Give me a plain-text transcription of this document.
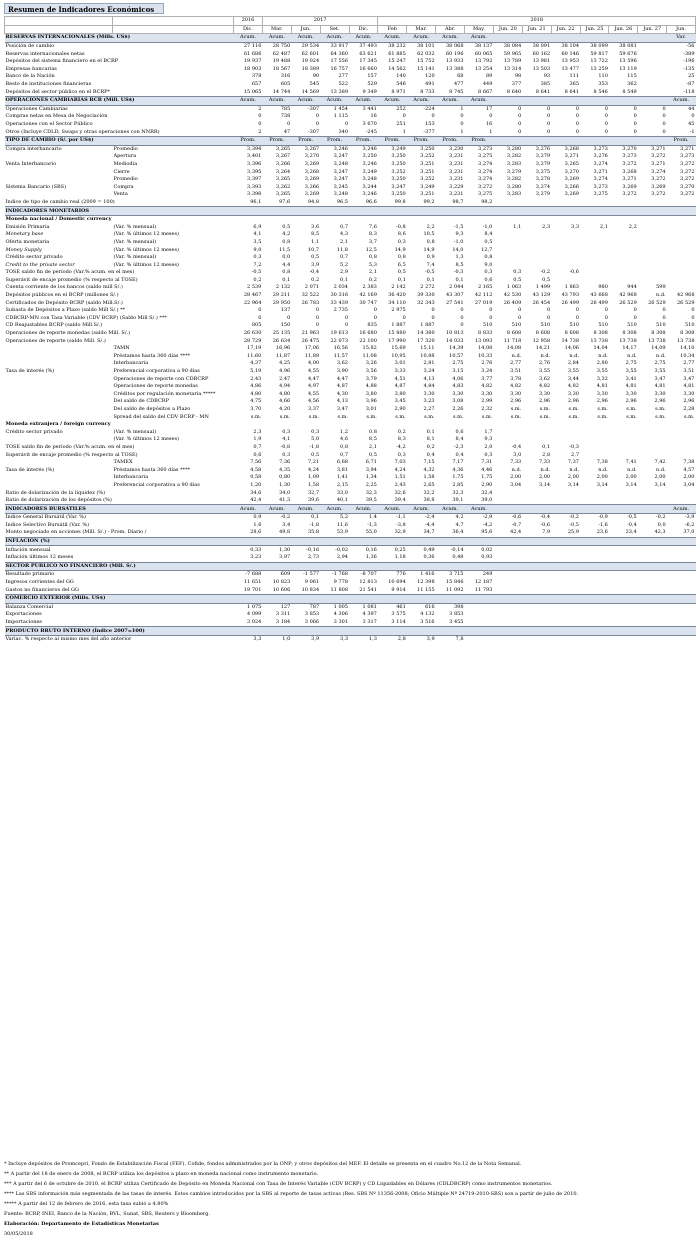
Resumen de Indicadores Económicos
		2016	2017				2018										
		Dic.	Mar.	Jun.	Set.	Dic.	Feb	Mar.	Abr.	May.	Jun. 20	Jun. 21	Jun. 22	Jun. 25	Jun. 26	Jun. 27	Jun.
RESERVAS INTERNACIONALES (Mills. US$)		Acum.	Acum.	Acum.	Acum.	Acum.	Acum.	Acum.	Acum.	Acum.							Var.
Posición de cambio		27 116	28 750	29 534	33 917	37 493	38 232	38 101	38 068	38 137	38 084	38 091	38 104	38 099	38 081		-56
Reservas internacionales netas		61 686	62 487	62 601	64 360	63 621	61 885	62 032	60 196	60 065	59 965	60 162	60 146	59 817	59 676		-389
Depósitos del sistema financiero en el BCRP		19 937	19 488	19 024	17 556	17 345	15 247	15 752	13 933	13 792	13 789	13 981	13 953	13 722	13 596		-196
Empresas bancarias		18 903	18 567	18 389	16 757	16 660	14 562	15 141	13 388	13 254	13 314	13 503	13 477	13 259	13 119		-135
Banco de la Nación		378	316	90	277	157	140	120	68	89	98	93	111	110	115		25
Resto de instituciones financieras		657	605	545	522	529	546	491	477	449	377	385	365	353	362		-87
Depósitos del sector público en el BCRP*		15 065	14 744	14 569	13 389	9 349	8 971	8 733	8 745	8 667	8 640	8 641	8 641	8 546	8 549		-118
OPERACIONES CAMBIARIAS BCR (Mill. US$)		Acum.	Acum.	Acum.	Acum.	Acum.	Acum.	Acum.	Acum.	Acum.							Acum.
Operaciones Cambiarias		2	785	-307	1 454	3 441	252	-224	1	17	0	0	0	0	0	0	44
Compras netas en Mesa de Negociación		0	738	0	1 115	16	0	0	0	0	0	0	0	0	0	0	0
Operaciones con el Sector Público		0	0	0	0	3 670	251	153	0	16	0	0	0	0	0	0	45
Otros (Incluye CDLD, Swaps y otras operaciones con NNRR)		2	47	-307	340	-245	1	-377	1	1	0	0	0	0	0	0	-1
TIPO DE CAMBIO (S/. por US$)		Prom.	Prom.	Prom.	Prom.	Prom.	Prom.	Prom.	Prom.	Prom.							Prom.
Compra interbancario	Promedio	3,394	3,265	3,267	3,246	3,246	3,249	3,250	3,230	3,273	3,280	3,276	3,268	3,273	3,270	3,271	3,271
	Apertura	3,401	3,267	3,270	3,247	3,250	3,250	3,252	3,231	3,275	3,282	3,279	3,271	3,276	3,273	3,272	3,273
Venta Interbancario	Mediodía	3,396	3,266	3,269	3,248	3,246	3,250	3,251	3,231	3,274	3,283	3,279	3,265	3,274	3,272	3,271	3,272
	Cierre	3,395	3,264	3,268	3,247	3,249	3,252	3,251	3,231	3,274	3,279	3,275	3,270	3,271	3,268	3,274	3,272
	Promedio	3,397	3,265	3,269	3,247	3,248	3,250	3,252	3,231	3,274	3,282	3,278	3,269	3,274	3,271	3,272	3,272
Sistema Bancario (SBS)	Compra	3,393	3,262	3,266	3,245	3,244	3,247	3,249	3,229	3,272	3,280	3,274	3,266	3,273	3,269	3,269	3,270
	Venta	3,398	3,265	3,269	3,248	3,246	3,250	3,251	3,231	3,275	3,283	3,279	3,269	3,275	3,272	3,272	3,272
Índice de tipo de cambio real (2009 = 100)		96,1	97,6	94,8	96,5	96,6	99,8	99,2	98,7	98,2							
INDICADORES MONETARIOS																	
Moneda nacional / Domestic currency																	
Emisión Primaria	(Var. % mensual)	6,9	0,5	3,6	0,7	7,6	-0,8	2,2	-1,5	-1,0	1,1	2,3	3,3	2,1	2,2		
Monetary base	(Var. % últimos 12 meses)	4,1	4,2	8,5	4,3	8,3	8,6	10,5	9,3	8,4							
Oferta monetaria	(Var. % mensual)	3,5	0,8	1,1	2,1	3,7	0,3	0,8	-1,0	0,5							
Money Supply	(Var. % últimos 12 meses)	9,0	11,5	10,7	11,8	12,5	14,9	14,9	14,0	12,7							
Crédito sector privado	(Var. % mensual)	0,3	0,0	0,5	0,7	0,8	0,8	0,9	1,3	0,8							
Credit to the private sector	(Var. % últimos 12 meses)	7,2	4,4	3,9	5,2	5,3	6,5	7,4	8,5	9,0							
TOSE saldo fin de período (Var.% acum. en el mes)		-0,5	0,8	-0,4	2,9	2,1	0,5	-0,5	-0,3	0,3	0,3	-0,2	-0,6				
Superávit de encaje promedio (% respecto al TOSE)		0,2	0,1	0,2	0,1	0,2	0,1	0,1	0,1	0,6	0,5	0,5					
Cuenta corriente de los bancos (saldo mill S/.)		2 539	2 132	2 071	2 034	2 383	2 142	2 272	2 044	2 165	1 063	1 499	1 863	980	944	599	
Depósitos públicos en el BCRP (millones S/.)		28 467	29 211	32 522	30 316	42 169	36 420	39 330	43 307	42 112	42 530	43 129	43 793	43 668	42 968	n.d.	42 968
Certificados de Depósito BCRP (saldo Mill.S/.)		22 964	29 950	26 783	33 439	30 747	34 110	32 343	27 541	27 019	26 409	26 454	26 499	26 499	26 529	26 529	26 529
Subasta de Depósitos a Plazo (saldo Mill S/.) **		0	137	0	2 735	0	2 975	0	0	0	0	0	0	0	0	0	0
CDBCRP-MN con Tasa Variable (CDV BCRP) (Saldo Mill S/.) ***		0	0	0	0	0	0	0	0	0	0	0	0	0	0	0	0
CD Reajustables BCRP (saldo Mill.S/.)		805	150	0	0	835	1 887	1 887	0	510	510	510	510	510	510	510	510
Operaciones de reporte monedas (saldo Mill. S/.)		26 630	25 135	21 963	19 613	16 680	15 880	14 380	10 813	8 833	8 608	8 608	8 608	8 308	8 308	8 308	8 308
Operaciones de reporte (saldo Mill. S/.)		28 729	26 634	26 475	22 073	22 100	17 990	17 320	14 033	13 093	11 718	12 958	14 738	13 738	13 738	13 738	13 738
	TAMN	17,19	16,96	17,06	16,56	15,82	15,69	15,11	14,39	14,08	14,08	14,21	14,06	14,04	14,17	14,09	14,10
	Préstamos hasta 360 días ****	11,60	11,87	11,89	11,57	11,08	10,95	10,88	10,57	10,33	n.d.	n.d.	n.d.	n.d.	n.d.	n.d.	10,34
	Interbancaria	4,37	4,25	4,00	3,62	3,26	3,01	2,81	2,75	2,76	2,77	2,76	2,84	2,80	2,75	2,75	2,77
Tasa de interés (%)	Preferencial corporativa a 90 días	5,19	4,96	4,55	3,90	3,56	3,33	3,24	3,15	3,24	3,51	3,55	3,55	3,55	3,55	3,55	3,51
	Operaciones de reporte con CDBCRP	2,43	2,47	4,47	4,47	3,79	4,51	4,13	4,06	3,77	3,78	3,62	3,44	3,32	3,41	3,47	3,47
	Operaciones de reporte monedas	4,86	4,94	4,97	4,87	4,88	4,87	4,84	4,83	4,82	4,82	4,82	4,82	4,81	4,81	4,81	4,81
	Créditos por regulación monetaria *****	4,80	4,80	4,55	4,30	3,80	3,80	3,30	3,30	3,30	3,30	3,30	3,30	3,30	3,30	3,30	3,30
	Del saldo de CDBCRP	4,75	4,66	4,56	4,13	3,96	3,45	3,23	3,08	2,99	2,96	2,96	2,96	2,96	2,96	2,96	2,96
	Del saldo de depósitos a Plazo	3,70	4,20	3,37	3,47	3,01	2,90	2,27	2,26	2,32	s.m.	s.m.	s.m.	s.m.	s.m.	s.m.	2,28
	Spread del saldo del CDV BCRP - MN	s.m.	s.m.	s.m.	s.m.	s.m.	s.m.	s.m.	s.m.	s.m.	s.m.	s.m.	s.m.	s.m.	s.m.	s.m.	s.m.
Moneda extranjera / foreign currency																	
Crédito sector privado	(Var. % mensual)	2,3	0,3	0,3	1,2	0,8	0,2	0,1	0,6	1,7							
	(Var. % últimos 12 meses)	1,9	4,1	5,0	4,6	8,5	8,3	8,1	8,4	9,3							
TOSE saldo fin de período (Var.% acum. en el mes)		0,7	-0,8	-1,8	0,8	2,1	-4,2	0,2	-2,3	2,0	-0,4	0,1	-0,3				
Superávit de encaje promedio (% respecto al TOSE)		0,6	0,3	0,5	0,7	0,5	0,3	0,4	0,4	0,3	3,0	2,8	2,7				
	TAMEX	7,56	7,36	7,21	6,68	6,71	7,03	7,15	7,17	7,31	7,33	7,33	7,37	7,38	7,41	7,42	7,38
Tasa de interés (%)	Préstamos hasta 360 días ****	4,58	4,35	4,24	3,81	3,94	4,24	4,32	4,36	4,46	n.d.	n.d.	n.d.	n.d.	n.d.	n.d.	4,57
	Interbancaria	0,58	0,80	1,09	1,41	1,34	1,51	1,58	1,75	1,75	2,00	2,00	2,00	2,00	2,00	2,00	2,00
	Preferencial corporativa a 90 días	1,20	1,30	1,58	2,15	2,25	2,43	2,65	2,85	2,90	3,04	3,14	3,14	3,14	3,14	3,14	3,04
Ratio de dolarización de la liquidez (%)		34,6	34,0	32,7	33,0	32,3	32,6	32,2	32,3	32,4							
Ratio de dolarización de los depósitos (%)		42,4	41,3	39,6	40,1	39,5	39,4	38,8	39,1	39,0							
INDICADORES BURSÁTILES		Acum.	Acum.	Acum.	Acum.	Acum.	Acum.	Acum.	Acum.	Acum.							Acum.
Índice General Bursátil (Var. %)		0,9	-0,2	0,1	5,2	1,4	-1,1	-2,4	4,2	-2,9	-0,6	-0,4	-0,2	-0,9	-0,5	-0,2	-3,9
Índice Selectivo Bursátil (Var. %)		1,6	3,4	-1,8	11,6	-1,3	-3,8	-4,4	4,7	-4,2	-0,7	-0,6	-0,5	-1,6	-0,4	0,0	-6,2
Monto negociado en acciones (Mill. S/.) - Prom. Diario /		28,6	49,8	35,8	53,9	55,0	32,9	34,7	36,4	95,6	42,4	7,9	25,9	23,6	23,4	42,3	37,0
INFLACIÓN (%)																	
Inflación mensual		0,33	1,30	-0,16	-0,02	0,16	0,25	0,49	-0,14	0,02							
Inflación últimos 12 meses		3,23	3,97	2,73	2,94	1,36	1,18	0,36	0,48	0,93							
SECTOR PÚBLICO NO FINANCIERO (Mill. S/.)																	
Resultado primario		-7 688	609	-1 577	-1 768	-8 707	776	1 416	3 715	249							
Ingresos corrientes del GG		11 651	10 823	9 061	9 778	12 813	10 694	12 398	15 846	12 187							
Gastos no financieros del GG		19 701	10 606	10 834	11 808	21 541	9 914	11 155	11 092	11 793							
COMERCIO EXTERIOR (Mills. US$)																	
Balanza Comercial		1 075	127	787	1 005	1 081	461	616	398								
Exportaciones		4 099	3 311	3 853	4 306	4 397	3 575	4 132	3 853								
Importaciones		3 024	3 184	3 066	3 301	3 317	3 114	3 516	3 455								
PRODUCTO BRUTO INTERNO (Índice 2007=100)																	
Variac. % respecto al mismo mes del año anterior		3,3	1,0	3,9	3,3	1,3	2,8	3,9	7,8								
* Incluye depósitos de Promcepri, Fondo de Estabilización Fiscal (FEF), Cofide, fondos administrados por la ONP; y otros depósitos del MEF. El detalle se presenta en el cuadro No.12 de la Nota Semanal.
** A partir del 18 de enero de 2008, el BCRP utiliza los depósitos a plazo en moneda nacional como instrumento monetario.
*** A partir del 6 de octubre de 2010, el BCRP utiliza Certificado de Depósito en Moneda Nacional con Tasa de Interés Variable (CDV BCRP) y CD Liquidables en Dólares (CDLDBCRP) como instrumentos monetarios.
**** Las SBS información más segmentada de las tasas de interés. Estos cambios introducidos por la SBS al reporte de tasas activas (Res. SBS Nº 11356-2008; Oficio Múltiple Nº 24719-2010-SBS) son a partir de julio de 2010.
***** A partir del 12 de febrero de 2016, esta tasa subió a 4.80%
Fuente: BCRP, INEI, Banco de la Nación, BVL, Sunat, SBS, Reuters y Bloomberg.
Elaboración: Departamento de Estadísticas Monetarias
30/05/2018
